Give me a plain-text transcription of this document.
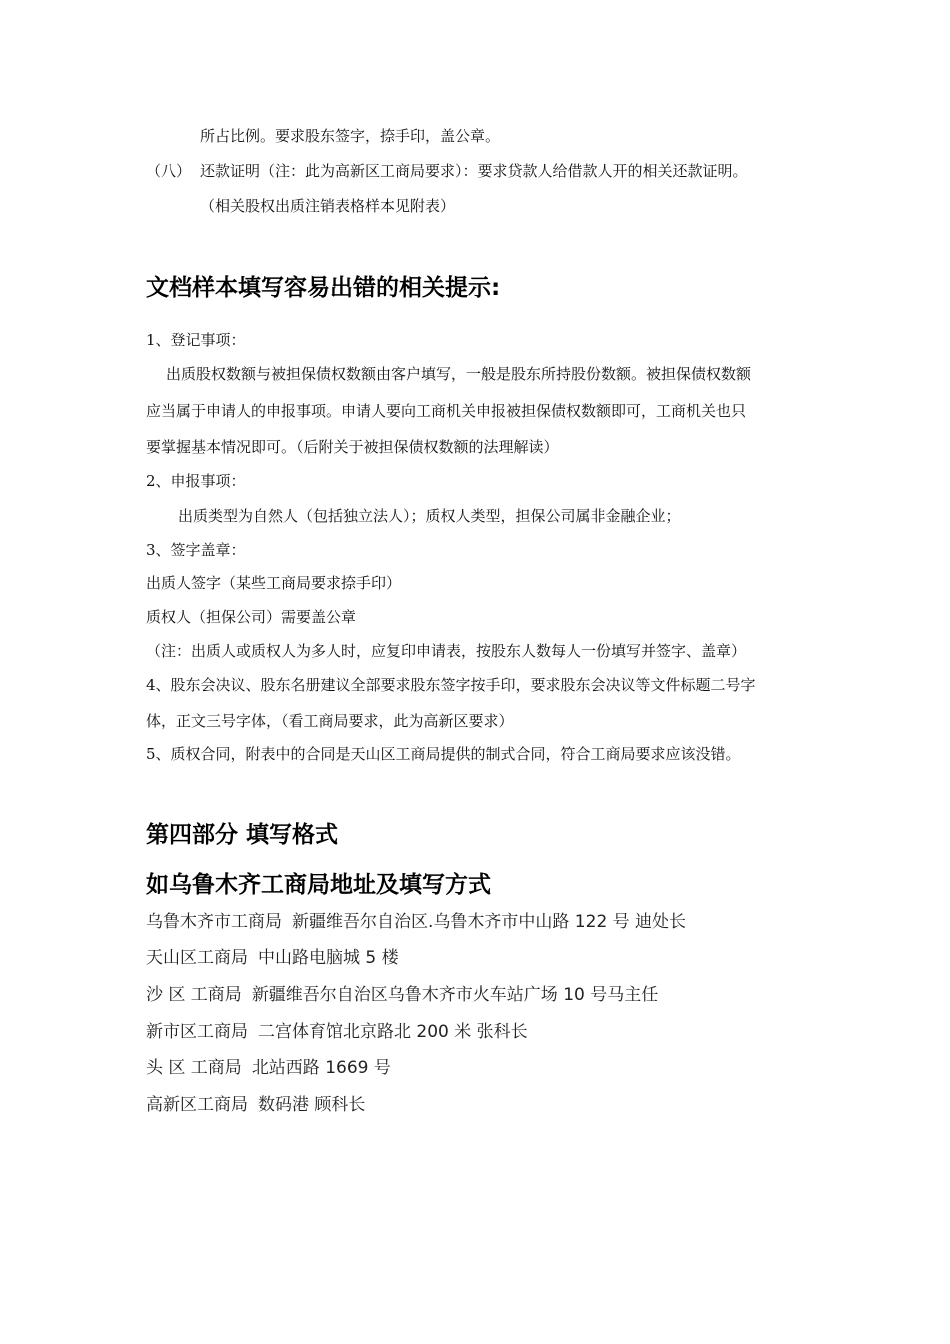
所占比例。要求股东签字，捺手印，盖公章。
（八） 还款证明（注：此为高新区工商局要求）：要求贷款人给借款人开的相关还款证明。
（相关股权出质注销表格样本见附表）
文档样本填写容易出错的相关提示:
1、登记事项：
出质股权数额与被担保债权数额由客户填写，一般是股东所持股份数额。被担保债权数额
应当属于申请人的申报事项。申请人要向工商机关申报被担保债权数额即可，工商机关也只
要掌握基本情况即可。（后附关于被担保债权数额的法理解读）
2、申报事项：
出质类型为自然人（包括独立法人）；质权人类型，担保公司属非金融企业；
3、签字盖章：
出质人签字（某些工商局要求捺手印）
质权人（担保公司）需要盖公章
（注：出质人或质权人为多人时，应复印申请表，按股东人数每人一份填写并签字、盖章）
4、股东会决议、股东名册建议全部要求股东签字按手印，要求股东会决议等文件标题二号字
体，正文三号字体，（看工商局要求，此为高新区要求）
5、质权合同，附表中的合同是天山区工商局提供的制式合同，符合工商局要求应该没错。
第四部分 填写格式
如乌鲁木齐工商局地址及填写方式
乌鲁木齐市工商局 新疆维吾尔自治区.乌鲁木齐市中山路 122 号 迪处长
天山区工商局 中山路电脑城 5 楼
沙 区 工商局 新疆维吾尔自治区乌鲁木齐市火车站广场 10 号马主任
新市区工商局 二宫体育馆北京路北 200 米 张科长
头 区 工商局 北站西路 1669 号
高新区工商局 数码港 顾科长
